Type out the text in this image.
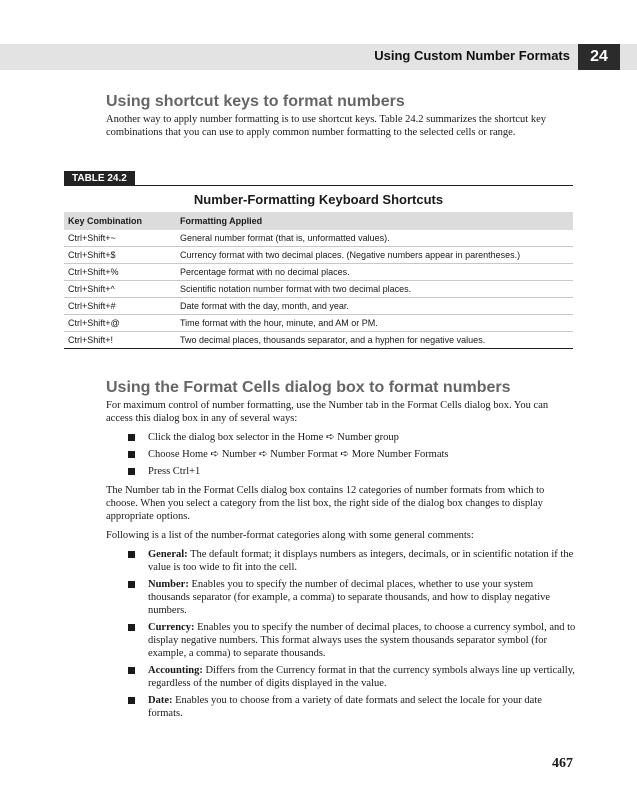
Using Custom Number Formats	24
Using shortcut keys to format numbers

Another way to apply number formatting is to use shortcut keys. Table 24.2 summarizes the shortcut key combinations that you can use to apply common number formatting to the selected cells or range.

TABLE 24.2
Number-Formatting Keyboard Shortcuts
Key Combination	Formatting Applied
Ctrl+Shift+~	General number format (that is, unformatted values).
Ctrl+Shift+$	Currency format with two decimal places. (Negative numbers appear in parentheses.)
Ctrl+Shift+%	Percentage format with no decimal places.
Ctrl+Shift+^	Scientific notation number format with two decimal places.
Ctrl+Shift+#	Date format with the day, month, and year.
Ctrl+Shift+@	Time format with the hour, minute, and AM or PM.
Ctrl+Shift+!	Two decimal places, thousands separator, and a hyphen for negative values.
Using the Format Cells dialog box to format numbers

For maximum control of number formatting, use the Number tab in the Format Cells dialog box. You can access this dialog box in any of several ways:

Click the dialog box selector in the Home ➪ Number group
Choose Home ➪ Number ➪ Number Format ➪ More Number Formats
Press Ctrl+1

The Number tab in the Format Cells dialog box contains 12 categories of number formats from which to choose. When you select a category from the list box, the right side of the dialog box changes to display appropriate options.

Following is a list of the number-format categories along with some general comments:

General: The default format; it displays numbers as integers, decimals, or in scientific notation if the value is too wide to fit into the cell.
Number: Enables you to specify the number of decimal places, whether to use your system thousands separator (for example, a comma) to separate thousands, and how to display negative numbers.
Currency: Enables you to specify the number of decimal places, to choose a currency symbol, and to display negative numbers. This format always uses the system thousands separator symbol (for example, a comma) to separate thousands.
Accounting: Differs from the Currency format in that the currency symbols always line up vertically, regardless of the number of digits displayed in the value.
Date: Enables you to choose from a variety of date formats and select the locale for your date formats.
467
